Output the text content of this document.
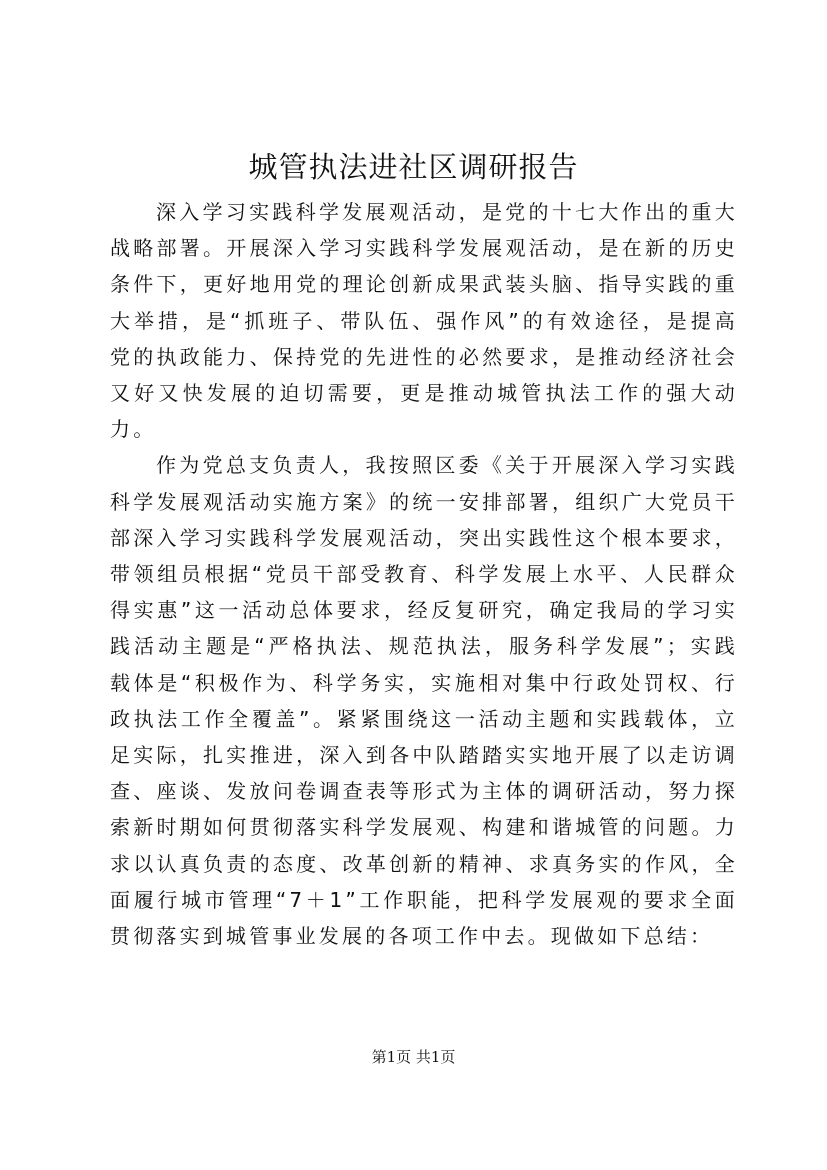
城管执法进社区调研报告

深入学习实践科学发展观活动，是党的十七大作出的重大战略部署。开展深入学习实践科学发展观活动，是在新的历史条件下，更好地用党的理论创新成果武装头脑、指导实践的重大举措，是“抓班子、带队伍、强作风”的有效途径，是提高党的执政能力、保持党的先进性的必然要求，是推动经济社会又好又快发展的迫切需要，更是推动城管执法工作的强大动力。

作为党总支负责人，我按照区委《关于开展深入学习实践科学发展观活动实施方案》的统一安排部署，组织广大党员干部深入学习实践科学发展观活动，突出实践性这个根本要求，带领组员根据“党员干部受教育、科学发展上水平、人民群众得实惠”这一活动总体要求，经反复研究，确定我局的学习实践活动主题是“严格执法、规范执法，服务科学发展”；实践载体是“积极作为、科学务实，实施相对集中行政处罚权、行政执法工作全覆盖”。紧紧围绕这一活动主题和实践载体，立足实际，扎实推进，深入到各中队踏踏实实地开展了以走访调查、座谈、发放问卷调查表等形式为主体的调研活动，努力探索新时期如何贯彻落实科学发展观、构建和谐城管的问题。力求以认真负责的态度、改革创新的精神、求真务实的作风，全面履行城市管理“7＋1”工作职能，把科学发展观的要求全面贯彻落实到城管事业发展的各项工作中去。现做如下总结：

第1页 共1页
